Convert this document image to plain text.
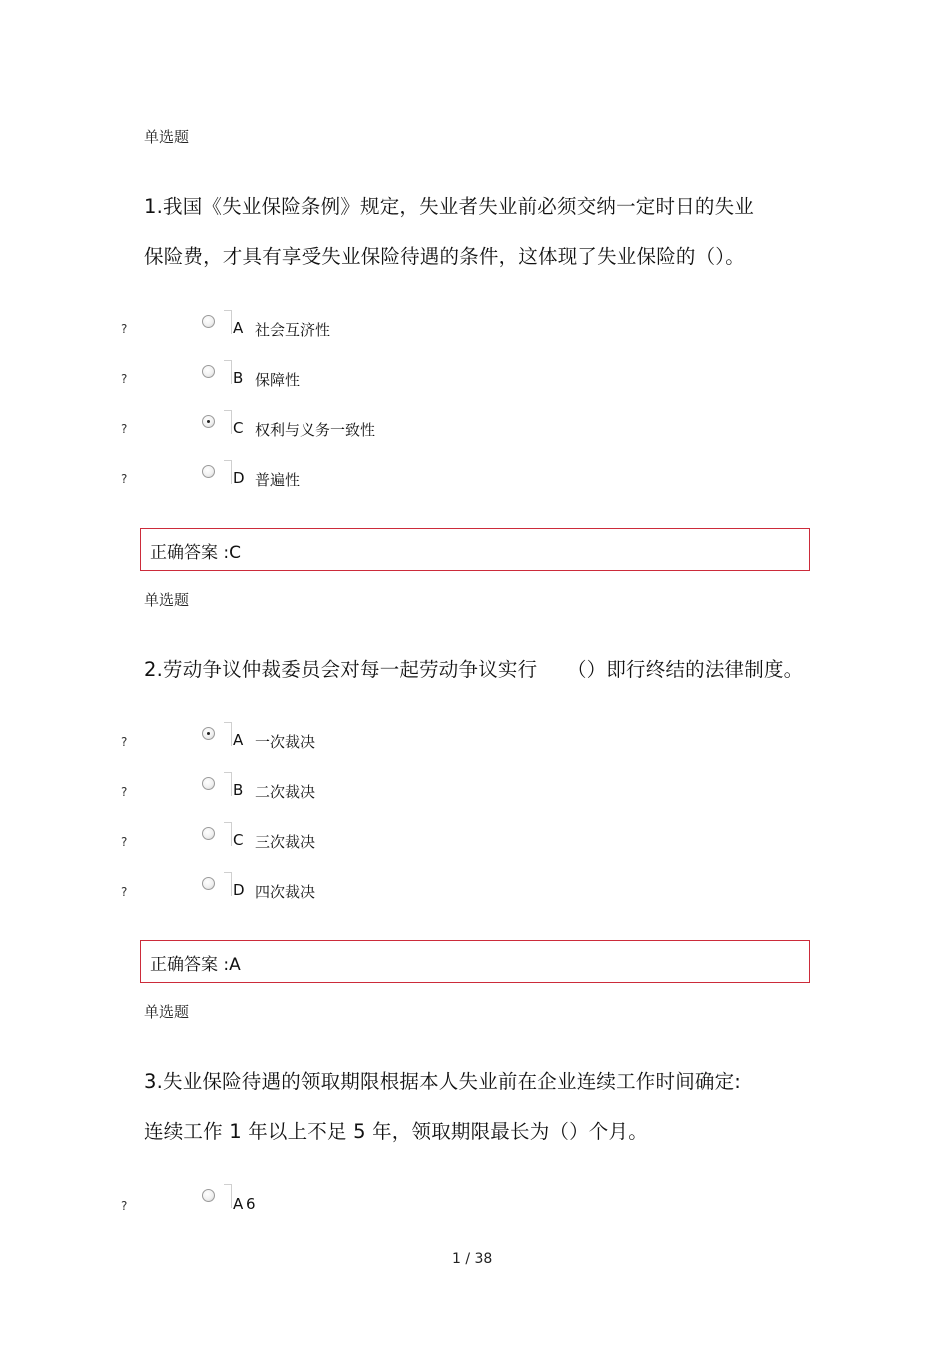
单选题
1.我国《失业保险条例》规定，失业者失业前必须交纳一定时日的失业
保险费，才具有享受失业保险待遇的条件，这体现了失业保险的（）。
?	A 社会互济性
?	B 保障性
?	C 权利与义务一致性
?	D 普遍性
正确答案 :C
单选题
2.劳动争议仲裁委员会对每一起劳动争议实行　　（）即行终结的法律制度。
?	A 一次裁决
?	B 二次裁决
?	C 三次裁决
?	D 四次裁决
正确答案 :A
单选题
3.失业保险待遇的领取期限根据本人失业前在企业连续工作时间确定:
连续工作 1 年以上不足 5 年，领取期限最长为（）个月。
?	A 6
1 / 38
